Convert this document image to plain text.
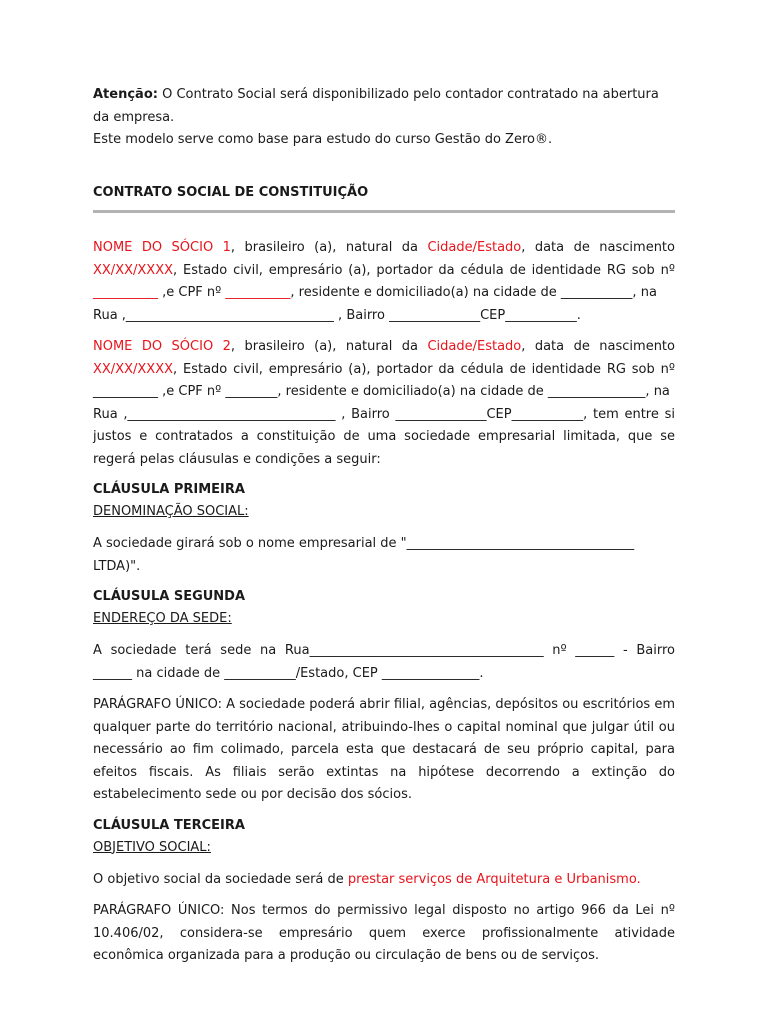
Atenção: O Contrato Social será disponibilizado pelo contador contratado na abertura da empresa.

Este modelo serve como base para estudo do curso Gestão do Zero®.

CONTRATO SOCIAL DE CONSTITUIÇÃO

NOME DO SÓCIO 1, brasileiro (a), natural da Cidade/Estado, data de nascimento XX/XX/XXXX, Estado civil, empresário (a), portador da cédula de identidade RG sob nº __________ ,e CPF nº __________, residente e domiciliado(a) na cidade de ___________, na

Rua ,________________________________ , Bairro ______________CEP___________.

NOME DO SÓCIO 2, brasileiro (a), natural da Cidade/Estado, data de nascimento XX/XX/XXXX, Estado civil, empresário (a), portador da cédula de identidade RG sob nº __________ ,e CPF nº ________, residente e domiciliado(a) na cidade de _______________, na

Rua ,________________________________ , Bairro ______________CEP___________, tem entre si justos e contratados a constituição de uma sociedade empresarial limitada, que se regerá pelas cláusulas e condições a seguir:

CLÁUSULA PRIMEIRA

DENOMINAÇÃO SOCIAL:

A sociedade girará sob o nome empresarial de "___________________________________ LTDA)".

CLÁUSULA SEGUNDA

ENDEREÇO DA SEDE:

A sociedade terá sede na Rua____________________________________ nº ______ - Bairro ______ na cidade de ___________/Estado, CEP _______________.

PARÁGRAFO ÚNICO: A sociedade poderá abrir filial, agências, depósitos ou escritórios em qualquer parte do território nacional, atribuindo-lhes o capital nominal que julgar útil ou necessário ao fim colimado, parcela esta que destacará de seu próprio capital, para efeitos fiscais. As filiais serão extintas na hipótese decorrendo a extinção do estabelecimento sede ou por decisão dos sócios.

CLÁUSULA TERCEIRA

OBJETIVO SOCIAL:

O objetivo social da sociedade será de prestar serviços de Arquitetura e Urbanismo.

PARÁGRAFO ÚNICO: Nos termos do permissivo legal disposto no artigo 966 da Lei nº 10.406/02, considera-se empresário quem exerce profissionalmente atividade econômica organizada para a produção ou circulação de bens ou de serviços.
